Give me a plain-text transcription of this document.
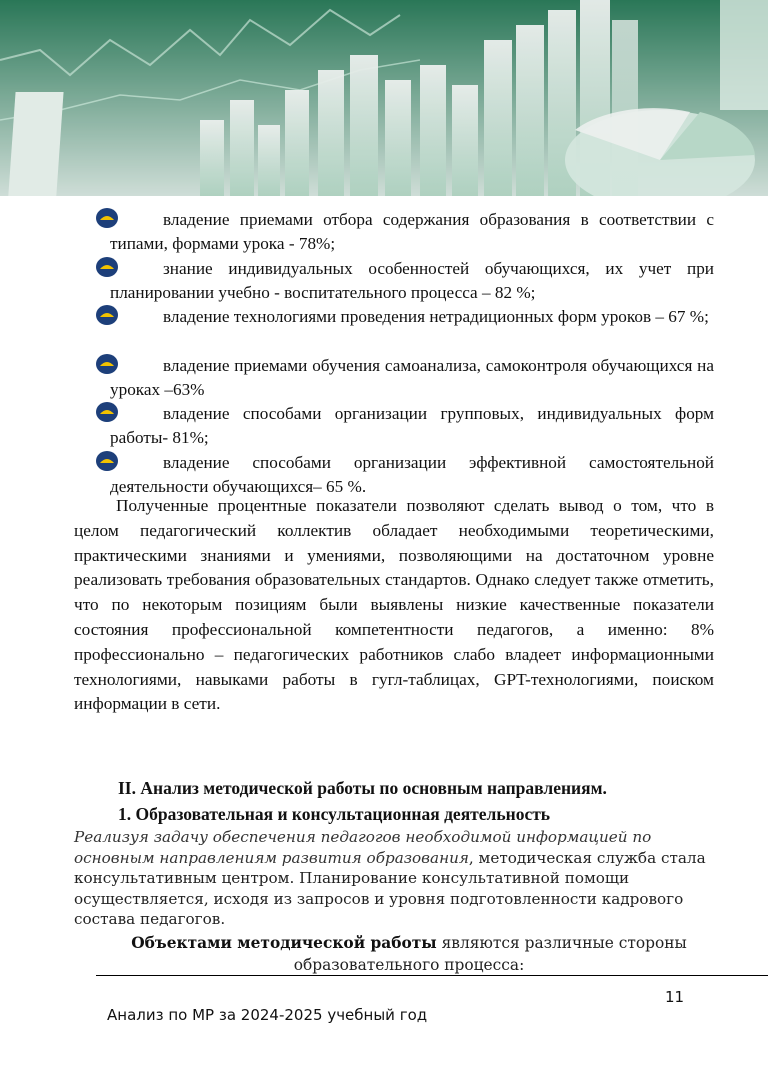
владение приемами отбора содержания образования в соответствии с типами, формами урока - 78%;
знание индивидуальных особенностей обучающихся, их учет при планировании учебно - воспитательного процесса – 82 %;
владение технологиями проведения нетрадиционных форм уроков – 67 %;
владение приемами обучения самоанализа, самоконтроля обучающихся на уроках –63%
владение способами организации групповых, индивидуальных форм работы- 81%;
владение способами организации эффективной самостоятельной деятельности обучающихся– 65 %.
Полученные процентные показатели позволяют сделать вывод о том, что в целом педагогический коллектив обладает необходимыми теоретическими, практическими знаниями и умениями, позволяющими на достаточном уровне реализовать требования образовательных стандартов. Однако следует также отметить, что по некоторым позициям были выявлены низкие качественные показатели состояния профессиональной компетентности педагогов, а именно: 8% профессионально – педагогических работников слабо владеет информационными технологиями, навыками работы в гугл-таблицах, GPT-технологиями, поиском информации в сети.
II. Анализ методической работы по основным направлениям.
1. Образовательная и консультационная деятельность
Реализуя задачу обеспечения педагогов необходимой информацией по основным направлениям развития образования, методическая служба стала консультативным центром. Планирование консультативной помощи осуществляется, исходя из запросов и уровня подготовленности кадрового состава педагогов.
Объектами методической работы являются различные стороны образовательного процесса:
11
Анализ по МР за 2024-2025 учебный год
